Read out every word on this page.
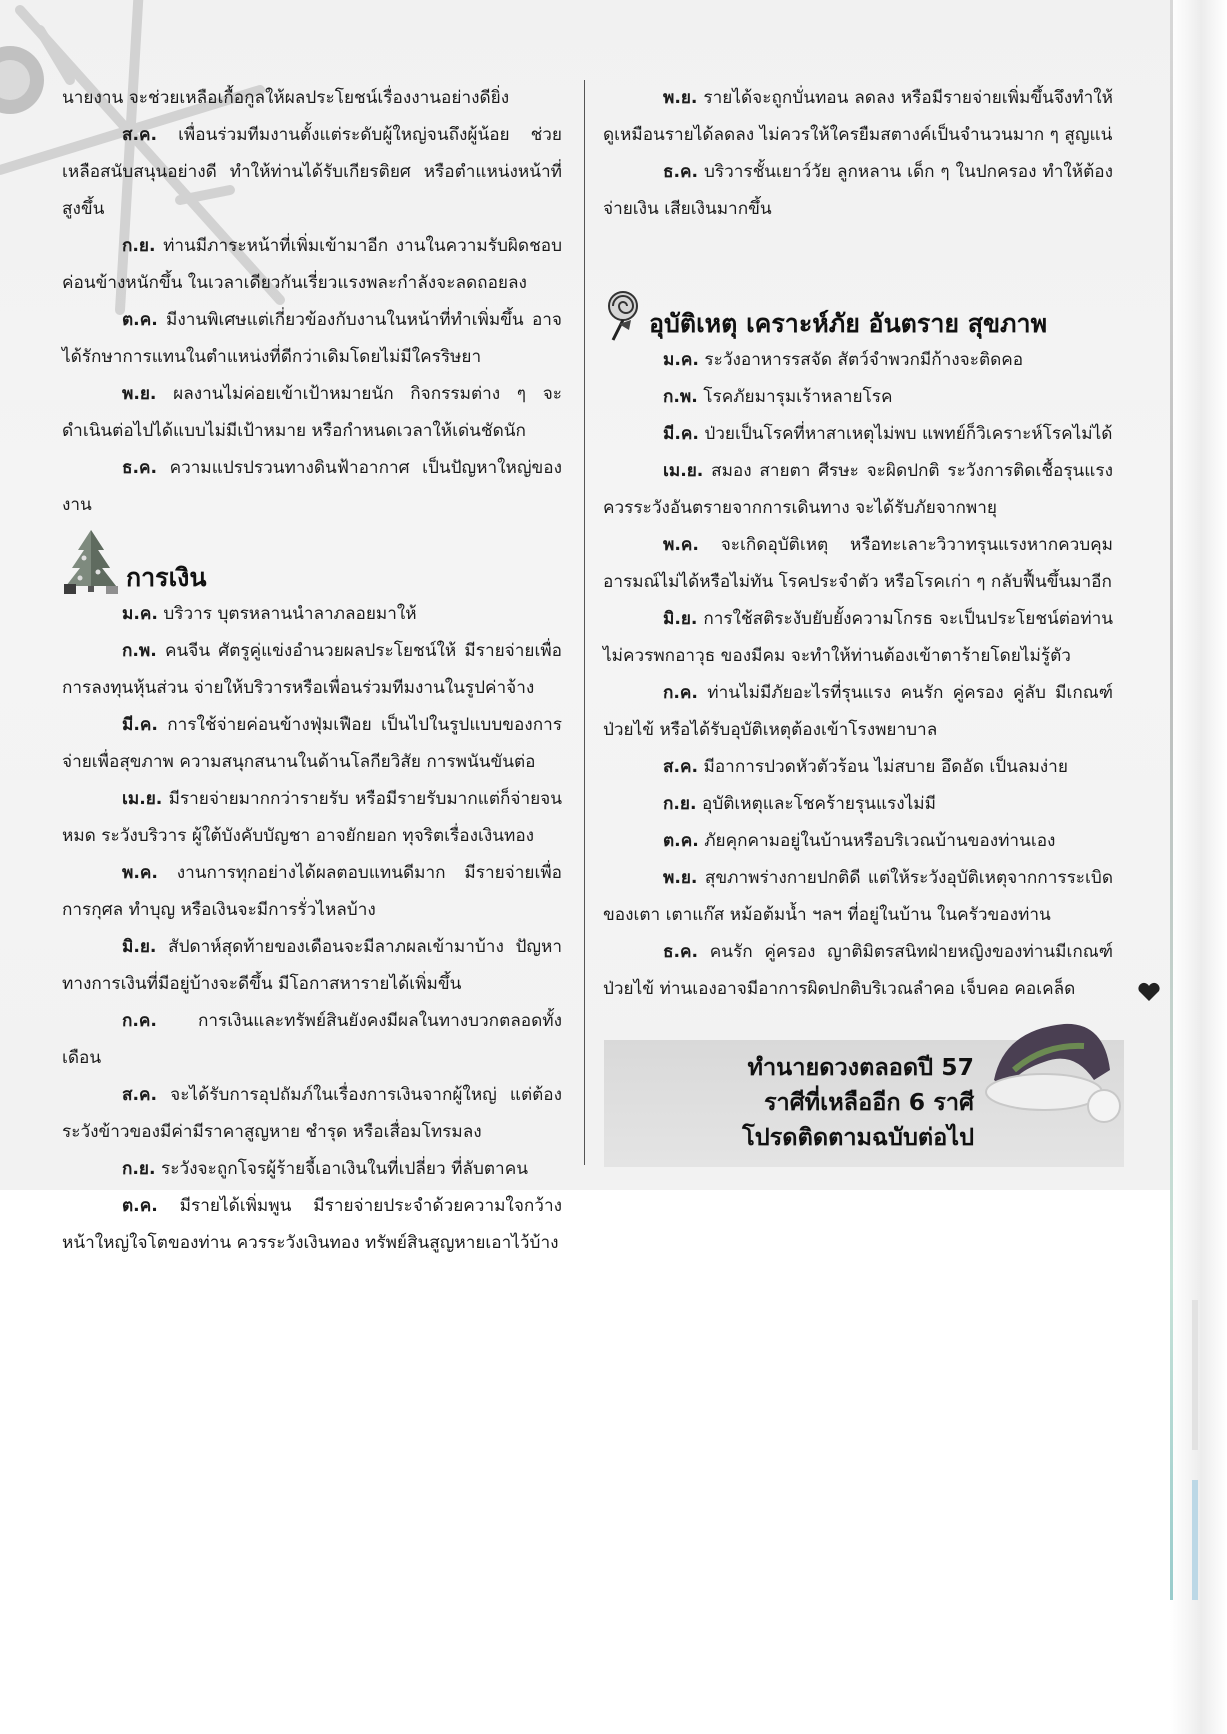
นายงาน จะช่วยเหลือเกื้อกูลให้ผลประโยชน์เรื่องงานอย่างดียิ่ง

ส.ค. เพื่อนร่วมทีมงานตั้งแต่ระดับผู้ใหญ่จนถึงผู้น้อย ช่วยเหลือสนับสนุนอย่างดี ทำให้ท่านได้รับเกียรติยศ หรือตำแหน่งหน้าที่สูงขึ้น

ก.ย. ท่านมีภาระหน้าที่เพิ่มเข้ามาอีก งานในความรับผิดชอบค่อนข้างหนักขึ้น ในเวลาเดียวกันเรี่ยวแรงพละกำลังจะลดถอยลง

ต.ค. มีงานพิเศษแต่เกี่ยวข้องกับงานในหน้าที่ทำเพิ่มขึ้น อาจได้รักษาการแทนในตำแหน่งที่ดีกว่าเดิมโดยไม่มีใครริษยา

พ.ย. ผลงานไม่ค่อยเข้าเป้าหมายนัก กิจกรรมต่าง ๆ จะดำเนินต่อไปได้แบบไม่มีเป้าหมาย หรือกำหนดเวลาให้เด่นชัดนัก

ธ.ค. ความแปรปรวนทางดินฟ้าอากาศ เป็นปัญหาใหญ่ของงาน

การเงิน

ม.ค. บริวาร บุตรหลานนำลาภลอยมาให้

ก.พ. คนจีน ศัตรูคู่แข่งอำนวยผลประโยชน์ให้ มีรายจ่ายเพื่อการลงทุนหุ้นส่วน จ่ายให้บริวารหรือเพื่อนร่วมทีมงานในรูปค่าจ้าง

มี.ค. การใช้จ่ายค่อนข้างฟุ่มเฟือย เป็นไปในรูปแบบของการจ่ายเพื่อสุขภาพ ความสนุกสนานในด้านโลกียวิสัย การพนันขันต่อ

เม.ย. มีรายจ่ายมากกว่ารายรับ หรือมีรายรับมากแต่ก็จ่ายจนหมด ระวังบริวาร ผู้ใต้บังคับบัญชา อาจยักยอก ทุจริตเรื่องเงินทอง

พ.ค. งานการทุกอย่างได้ผลตอบแทนดีมาก มีรายจ่ายเพื่อการกุศล ทำบุญ หรือเงินจะมีการรั่วไหลบ้าง

มิ.ย. สัปดาห์สุดท้ายของเดือนจะมีลาภผลเข้ามาบ้าง ปัญหาทางการเงินที่มีอยู่บ้างจะดีขึ้น มีโอกาสหารายได้เพิ่มขึ้น

ก.ค. การเงินและทรัพย์สินยังคงมีผลในทางบวกตลอดทั้งเดือน

ส.ค. จะได้รับการอุปถัมภ์ในเรื่องการเงินจากผู้ใหญ่ แต่ต้องระวังข้าวของมีค่ามีราคาสูญหาย ชำรุด หรือเสื่อมโทรมลง

ก.ย. ระวังจะถูกโจรผู้ร้ายจี้เอาเงินในที่เปลี่ยว ที่ลับตาคน

ต.ค. มีรายได้เพิ่มพูน มีรายจ่ายประจำด้วยความใจกว้าง หน้าใหญ่ใจโตของท่าน ควรระวังเงินทอง ทรัพย์สินสูญหายเอาไว้บ้าง

พ.ย. รายได้จะถูกบั่นทอน ลดลง หรือมีรายจ่ายเพิ่มขึ้นจึงทำให้ดูเหมือนรายได้ลดลง ไม่ควรให้ใครยืมสตางค์เป็นจำนวนมาก ๆ สูญแน่

ธ.ค. บริวารชั้นเยาว์วัย ลูกหลาน เด็ก ๆ ในปกครอง ทำให้ต้องจ่ายเงิน เสียเงินมากขึ้น

อุบัติเหตุ เคราะห์ภัย อันตราย สุขภาพ

ม.ค. ระวังอาหารรสจัด สัตว์จำพวกมีก้างจะติดคอ

ก.พ. โรคภัยมารุมเร้าหลายโรค

มี.ค. ป่วยเป็นโรคที่หาสาเหตุไม่พบ แพทย์ก็วิเคราะห์โรคไม่ได้

เม.ย. สมอง สายตา ศีรษะ จะผิดปกติ ระวังการติดเชื้อรุนแรง ควรระวังอันตรายจากการเดินทาง จะได้รับภัยจากพายุ

พ.ค. จะเกิดอุบัติเหตุ หรือทะเลาะวิวาทรุนแรงหากควบคุมอารมณ์ไม่ได้หรือไม่ทัน โรคประจำตัว หรือโรคเก่า ๆ กลับฟื้นขึ้นมาอีก

มิ.ย. การใช้สติระงับยับยั้งความโกรธ จะเป็นประโยชน์ต่อท่าน ไม่ควรพกอาวุธ ของมีคม จะทำให้ท่านต้องเข้าตาร้ายโดยไม่รู้ตัว

ก.ค. ท่านไม่มีภัยอะไรที่รุนแรง คนรัก คู่ครอง คู่ลับ มีเกณฑ์ป่วยไข้ หรือได้รับอุบัติเหตุต้องเข้าโรงพยาบาล

ส.ค. มีอาการปวดหัวตัวร้อน ไม่สบาย อึดอัด เป็นลมง่าย

ก.ย. อุบัติเหตุและโชคร้ายรุนแรงไม่มี

ต.ค. ภัยคุกคามอยู่ในบ้านหรือบริเวณบ้านของท่านเอง

พ.ย. สุขภาพร่างกายปกติดี แต่ให้ระวังอุบัติเหตุจากการระเบิดของเตา เตาแก๊ส หม้อต้มน้ำ ฯลฯ ที่อยู่ในบ้าน ในครัวของท่าน

ธ.ค. คนรัก คู่ครอง ญาติมิตรสนิทฝ่ายหญิงของท่านมีเกณฑ์ป่วยไข้ ท่านเองอาจมีอาการผิดปกติบริเวณลำคอ เจ็บคอ คอเคล็ด

ทำนายดวงตลอดปี 57
ราศีที่เหลืออีก 6 ราศี
โปรดติดตามฉบับต่อไป
